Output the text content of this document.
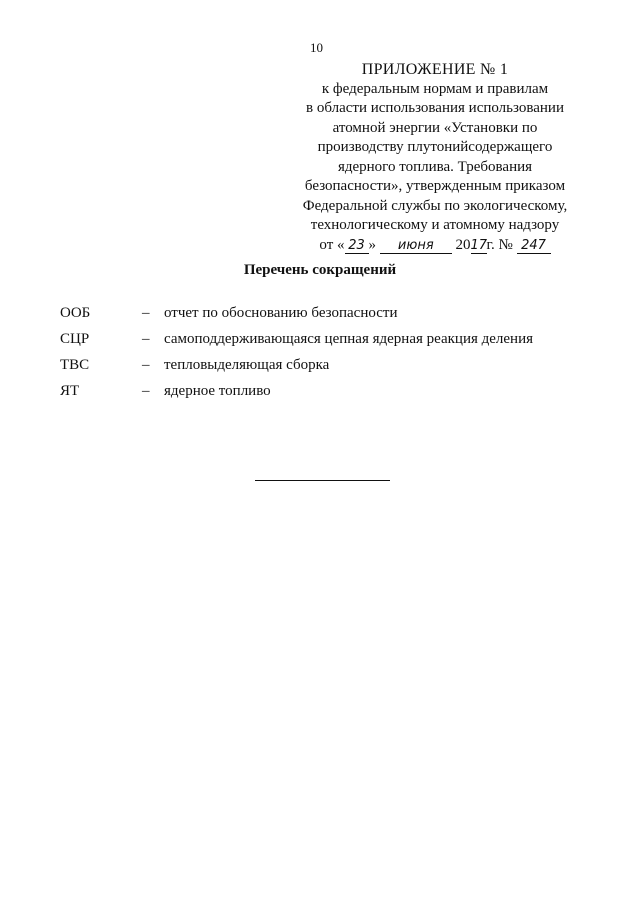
10
ПРИЛОЖЕНИЕ № 1
к федеральным нормам и правилам
в области использования использовании
атомной энергии «Установки по
производству плутонийсодержащего
ядерного топлива. Требования
безопасности», утвержденным приказом
Федеральной службы по экологическому,
технологическому и атомному надзору
от « 23 » июня 2017г. № 247
Перечень сокращений
ООБ	– отчет по обоснованию безопасности
СЦР	– самоподдерживающаяся цепная ядерная реакция деления
ТВС	– тепловыделяющая сборка
ЯТ	– ядерное топливо
